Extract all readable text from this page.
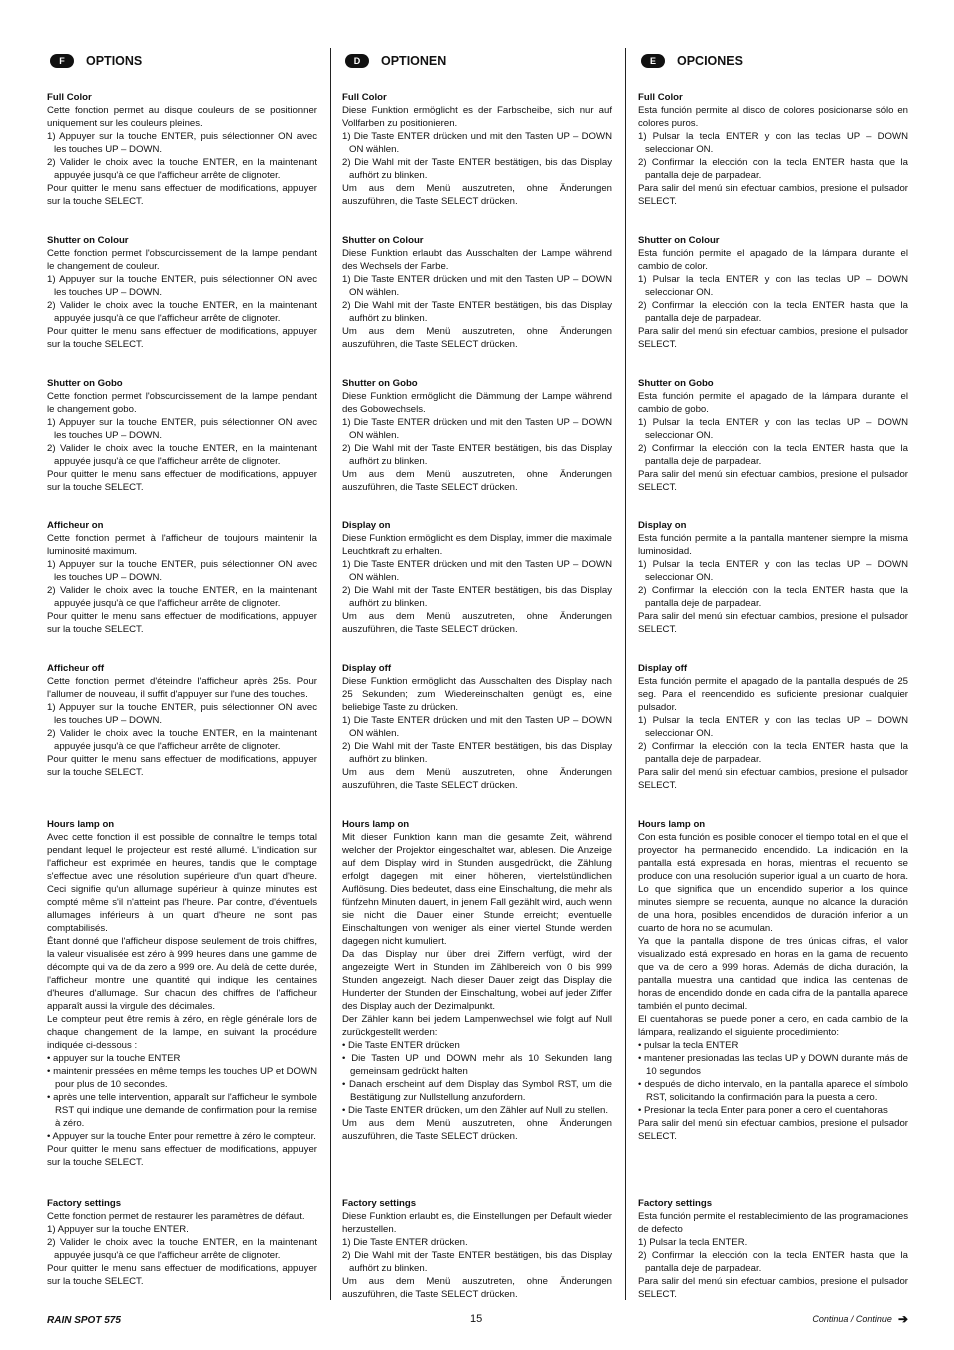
F	OPTIONS
Full Color
Cette fonction permet au disque couleurs de se positionner uniquement sur les couleurs pleines.
1) Appuyer sur la touche ENTER, puis sélectionner ON avec les touches UP – DOWN.
2) Valider le choix avec la touche ENTER, en la maintenant appuyée jusqu'à ce que l'afficheur arrête de clignoter.
Pour quitter le menu sans effectuer de modifications, appuyer sur la touche SELECT.
Shutter on Colour
Cette fonction permet l'obscurcissement de la lampe pendant le changement de couleur.
1) Appuyer sur la touche ENTER, puis sélectionner ON avec les touches UP – DOWN.
2) Valider le choix avec la touche ENTER, en la maintenant appuyée jusqu'à ce que l'afficheur arrête de clignoter.
Pour quitter le menu sans effectuer de modifications, appuyer sur la touche SELECT.
Shutter on Gobo
Cette fonction permet l'obscurcissement de la lampe pendant le changement gobo.
1) Appuyer sur la touche ENTER, puis sélectionner ON avec les touches UP – DOWN.
2) Valider le choix avec la touche ENTER, en la maintenant appuyée jusqu'à ce que l'afficheur arrête de clignoter.
Pour quitter le menu sans effectuer de modifications, appuyer sur la touche SELECT.
Afficheur on
Cette fonction permet à l'afficheur de toujours maintenir la luminosité maximum.
1) Appuyer sur la touche ENTER, puis sélectionner ON avec les touches UP – DOWN.
2) Valider le choix avec la touche ENTER, en la maintenant appuyée jusqu'à ce que l'afficheur arrête de clignoter.
Pour quitter le menu sans effectuer de modifications, appuyer sur la touche SELECT.
Afficheur off
Cette fonction permet d'éteindre l'afficheur après 25s. Pour l'allumer de nouveau, il suffit d'appuyer sur l'une des touches.
1) Appuyer sur la touche ENTER, puis sélectionner ON avec les touches UP – DOWN.
2) Valider le choix avec la touche ENTER, en la maintenant appuyée jusqu'à ce que l'afficheur arrête de clignoter.
Pour quitter le menu sans effectuer de modifications, appuyer sur la touche SELECT.
Hours lamp on
Avec cette fonction il est possible de connaître le temps total pendant lequel le projecteur est resté allumé. L'indication sur l'afficheur est exprimée en heures, tandis que le comptage s'effectue avec une résolution supérieure d'un quart d'heure. Ceci signifie qu'un allumage supérieur à quinze minutes est compté même s'il n'atteint pas l'heure. Par contre, d'éventuels allumages inférieurs à un quart d'heure ne sont pas comptabilisés.
Étant donné que l'afficheur dispose seulement de trois chiffres, la valeur visualisée est zéro à 999 heures dans une gamme de décompte qui va de da zero a 999 ore. Au delà de cette durée, l'afficheur montre une quantité qui indique les centaines d'heures d'allumage. Sur chacun des chiffres de l'afficheur apparaît aussi la virgule des décimales.
Le compteur peut être remis à zéro, en règle générale lors de chaque changement de la lampe, en suivant la procédure indiquée ci-dessous :
• appuyer sur la touche ENTER
• maintenir pressées en même temps les touches UP et DOWN pour plus de 10 secondes.
• après une telle intervention, apparaît sur l'afficheur le symbole RST qui indique une demande de confirmation pour la remise à zéro.
• Appuyer sur la touche Enter pour remettre à zéro le compteur.
Pour quitter le menu sans effectuer de modifications, appuyer sur la touche SELECT.
Factory settings
Cette fonction permet de restaurer les paramètres de défaut.
1) Appuyer sur la touche ENTER.
2) Valider le choix avec la touche ENTER, en la maintenant appuyée jusqu'à ce que l'afficheur arrête de clignoter.
Pour quitter le menu sans effectuer de modifications, appuyer sur la touche SELECT.
D	OPTIONEN
Full Color
Diese Funktion ermöglicht es der Farbscheibe, sich nur auf Vollfarben zu positionieren.
1) Die Taste ENTER drücken und mit den Tasten UP – DOWN ON wählen.
2) Die Wahl mit der Taste ENTER bestätigen, bis das Display aufhört zu blinken.
Um aus dem Menü auszutreten, ohne Änderungen auszuführen, die Taste SELECT drücken.
Shutter on Colour
Diese Funktion erlaubt das Ausschalten der Lampe während des Wechsels der Farbe.
1) Die Taste ENTER drücken und mit den Tasten UP – DOWN ON wählen.
2) Die Wahl mit der Taste ENTER bestätigen, bis das Display aufhört zu blinken.
Um aus dem Menü auszutreten, ohne Änderungen auszuführen, die Taste SELECT drücken.
Shutter on Gobo
Diese Funktion ermöglicht die Dämmung der Lampe während des Gobowechsels.
1) Die Taste ENTER drücken und mit den Tasten UP – DOWN ON wählen.
2) Die Wahl mit der Taste ENTER bestätigen, bis das Display aufhört zu blinken.
Um aus dem Menü auszutreten, ohne Änderungen auszuführen, die Taste SELECT drücken.
Display on
Diese Funktion ermöglicht es dem Display, immer die maximale Leuchtkraft zu erhalten.
1) Die Taste ENTER drücken und mit den Tasten UP – DOWN ON wählen.
2) Die Wahl mit der Taste ENTER bestätigen, bis das Display aufhört zu blinken.
Um aus dem Menü auszutreten, ohne Änderungen auszuführen, die Taste SELECT drücken.
Display off
Diese Funktion ermöglicht das Ausschalten des Display nach 25 Sekunden; zum Wiedereinschalten genügt es, eine beliebige Taste zu drücken.
1) Die Taste ENTER drücken und mit den Tasten UP – DOWN ON wählen.
2) Die Wahl mit der Taste ENTER bestätigen, bis das Display aufhört zu blinken.
Um aus dem Menü auszutreten, ohne Änderungen auszuführen, die Taste SELECT drücken.
Hours lamp on
Mit dieser Funktion kann man die gesamte Zeit, während welcher der Projektor eingeschaltet war, ablesen. Die Anzeige auf dem Display wird in Stunden ausgedrückt, die Zählung erfolgt dagegen mit einer höheren, viertelstündlichen Auflösung. Dies bedeutet, dass eine Einschaltung, die mehr als fünfzehn Minuten dauert, in jenem Fall gezählt wird, auch wenn sie nicht die Dauer einer Stunde erreicht; eventuelle Einschaltungen von weniger als einer viertel Stunde werden dagegen nicht kumuliert.
Da das Display nur über drei Ziffern verfügt, wird der angezeigte Wert in Stunden im Zählbereich von 0 bis 999 Stunden angezeigt. Nach dieser Dauer zeigt das Display die Hunderter der Stunden der Einschaltung, wobei auf jeder Ziffer des Display auch der Dezimalpunkt.
Der Zähler kann bei jedem Lampenwechsel wie folgt auf Null zurückgestellt werden:
• Die Taste ENTER drücken
• Die Tasten UP und DOWN mehr als 10 Sekunden lang gemeinsam gedrückt halten
• Danach erscheint auf dem Display das Symbol RST, um die Bestätigung zur Nullstellung anzufordern.
• Die Taste ENTER drücken, um den Zähler auf Null zu stellen.
Um aus dem Menü auszutreten, ohne Änderungen auszuführen, die Taste SELECT drücken.
Factory settings
Diese Funktion erlaubt es, die Einstellungen per Default wieder herzustellen.
1) Die Taste ENTER drücken.
2) Die Wahl mit der Taste ENTER bestätigen, bis das Display aufhört zu blinken.
Um aus dem Menü auszutreten, ohne Änderungen auszuführen, die Taste SELECT drücken.
E	OPCIONES
Full Color
Esta función permite al disco de colores posicionarse sólo en colores puros.
1) Pulsar la tecla ENTER y con las teclas UP – DOWN seleccionar ON.
2) Confirmar la elección con la tecla ENTER hasta que la pantalla deje de parpadear.
Para salir del menú sin efectuar cambios, presione el pulsador SELECT.
Shutter on Colour
Esta función permite el apagado de la lámpara durante el cambio de color.
1) Pulsar la tecla ENTER y con las teclas UP – DOWN seleccionar ON.
2) Confirmar la elección con la tecla ENTER hasta que la pantalla deje de parpadear.
Para salir del menú sin efectuar cambios, presione el pulsador SELECT.
Shutter on Gobo
Esta función permite el apagado de la lámpara durante el cambio de gobo.
1) Pulsar la tecla ENTER y con las teclas UP – DOWN seleccionar ON.
2) Confirmar la elección con la tecla ENTER hasta que la pantalla deje de parpadear.
Para salir del menú sin efectuar cambios, presione el pulsador SELECT.
Display on
Esta función permite a la pantalla mantener siempre la misma luminosidad.
1) Pulsar la tecla ENTER y con las teclas UP – DOWN seleccionar ON.
2) Confirmar la elección con la tecla ENTER hasta que la pantalla deje de parpadear.
Para salir del menú sin efectuar cambios, presione el pulsador SELECT.
Display off
Esta función permite el apagado de la pantalla después de 25 seg. Para el reencendido es suficiente presionar cualquier pulsador.
1) Pulsar la tecla ENTER y con las teclas UP – DOWN seleccionar ON.
2) Confirmar la elección con la tecla ENTER hasta que la pantalla deje de parpadear.
Para salir del menú sin efectuar cambios, presione el pulsador SELECT.
Hours lamp on
Con esta función es posible conocer el tiempo total en el que el proyector ha permanecido encendido. La indicación en la pantalla está expresada en horas, mientras el recuento se produce con una resolución superior igual a un cuarto de hora. Lo que significa que un encendido superior a los quince minutes siempre se recuenta, aunque no alcance la duración de una hora, posibles encendidos de duración inferior a un cuarto de hora no se acumulan.
Ya que la pantalla dispone de tres únicas cifras, el valor visualizado está expresado en horas en la gama de recuento que va de cero a 999 horas. Además de dicha duración, la pantalla muestra una cantidad que indica las centenas de horas de encendido donde en cada cifra de la pantalla aparece también el punto decimal.
El cuentahoras se puede poner a cero, en cada cambio de la lámpara, realizando el siguiente procedimiento:
• pulsar la tecla ENTER
• mantener presionadas las teclas UP y DOWN durante más de 10 segundos
• después de dicho intervalo, en la pantalla aparece el símbolo RST, solicitando la confirmación para la puesta a cero.
• Presionar la tecla Enter para poner a cero el cuentahoras
Para salir del menú sin efectuar cambios, presione el pulsador SELECT.
Factory settings
Esta función permite el restablecimiento de las programaciones de defecto
1) Pulsar la tecla ENTER.
2) Confirmar la elección con la tecla ENTER hasta que la pantalla deje de parpadear.
Para salir del menú sin efectuar cambios, presione el pulsador SELECT.
RAIN SPOT 575	15	Continua / Continue ➔
